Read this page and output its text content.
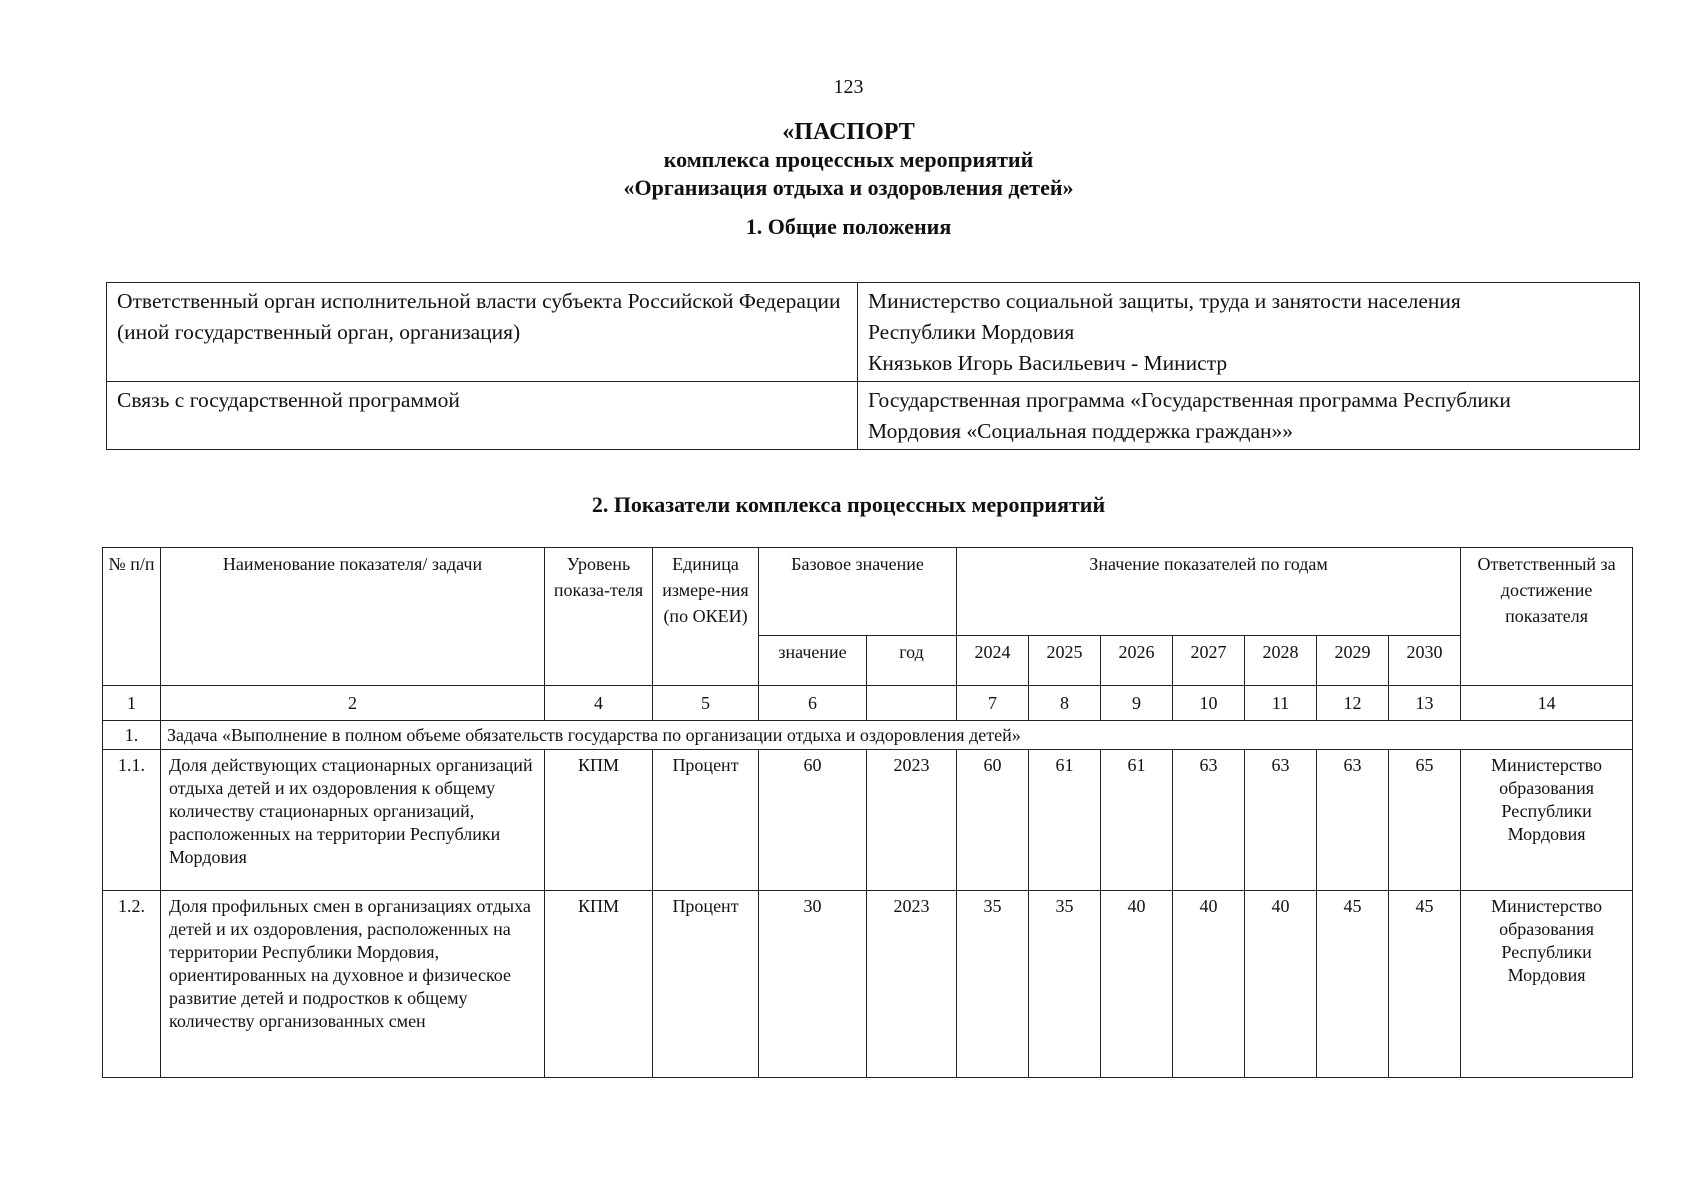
123
«ПАСПОРТ
комплекса процессных мероприятий
«Организация отдыха и оздоровления детей»
1. Общие положения
Ответственный орган исполнительной власти субъекта Российской Федерации (иной государственный орган, организация)	Министерство социальной защиты, труда и занятости населения
Республики Мордовия
Князьков Игорь Васильевич - Министр

Связь с государственной программой	Государственная программа «Государственная программа Республики
Мордовия «Социальная поддержка граждан»»
2. Показатели комплекса процессных мероприятий
№ п/п	Наименование показателя/ задачи	Уровень показа-теля	Единица измере-ния (по ОКЕИ)	Базовое значение		Значение показателей по годам							Ответственный за достижение показателя
				значение	год	2024	2025	2026	2027	2028	2029	2030	
1	2	4	5	6		7	8	9	10	11	12	13	14
1.	Задача «Выполнение в полном объеме обязательств государства по организации отдыха и оздоровления детей»												
1.1.	Доля действующих стационарных организаций отдыха детей и их оздоровления к общему количеству стационарных организаций, расположенных на территории Республики Мордовия	КПМ	Процент	60	2023	60	61	61	63	63	63	65	Министерство образования Республики Мордовия
1.2.	Доля профильных смен в организациях отдыха детей и их оздоровления, расположенных на территории Республики Мордовия, ориентированных на духовное и физическое развитие детей и подростков к общему количеству организованных смен	КПМ	Процент	30	2023	35	35	40	40	40	45	45	Министерство образования Республики Мордовия
